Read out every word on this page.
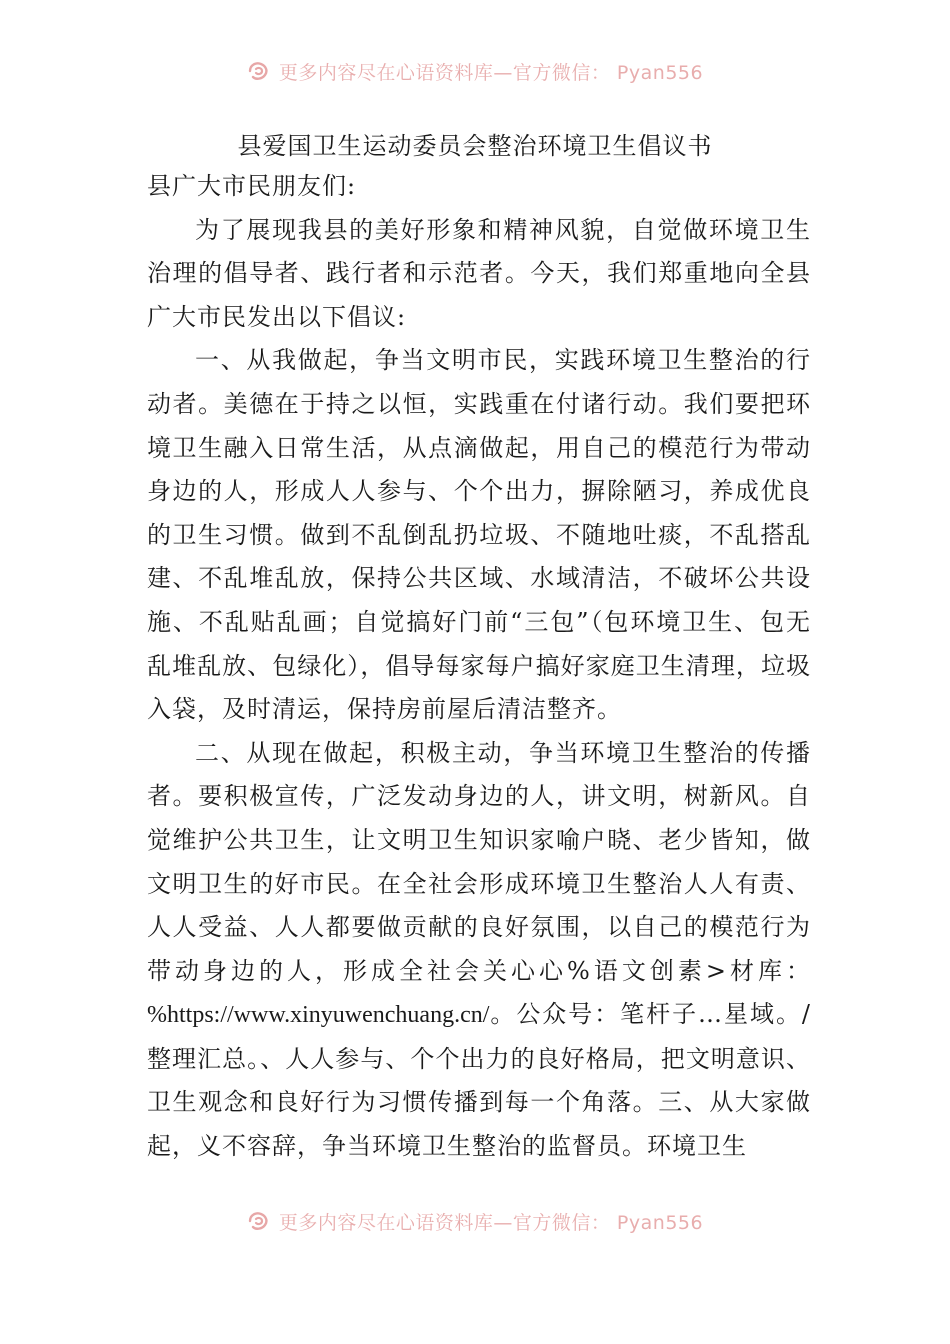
更多内容尽在心语资料库—官方微信： Pyan556
县爱国卫生运动委员会整治环境卫生倡议书

县广大市民朋友们:

为了展现我县的美好形象和精神风貌，自觉做环境卫生治理的倡导者、践行者和示范者。今天，我们郑重地向全县广大市民发出以下倡议:

一、从我做起，争当文明市民，实践环境卫生整治的行动者。美德在于持之以恒，实践重在付诸行动。我们要把环境卫生融入日常生活，从点滴做起，用自己的模范行为带动身边的人，形成人人参与、个个出力，摒除陋习，养成优良的卫生习惯。做到不乱倒乱扔垃圾、不随地吐痰，不乱搭乱建、不乱堆乱放，保持公共区域、水域清洁，不破坏公共设施、不乱贴乱画；自觉搞好门前“三包”（包环境卫生、包无乱堆乱放、包绿化），倡导每家每户搞好家庭卫生清理，垃圾入袋，及时清运，保持房前屋后清洁整齐。

二、从现在做起，积极主动，争当环境卫生整治的传播者。要积极宣传，广泛发动身边的人，讲文明，树新风。自觉维护公共卫生，让文明卫生知识家喻户晓、老少皆知，做文明卫生的好市民。在全社会形成环境卫生整治人人有责、人人受益、人人都要做贡献的良好氛围，以自己的模范行为带动身边的人，形成全社会关心心%语文创素>材库：%https://www.xinyuwenchuang.cn/。公众号：笔杆子…星域。/整理汇总。、人人参与、个个出力的良好格局，把文明意识、卫生观念和良好行为习惯传播到每一个角落。三、从大家做起，义不容辞，争当环境卫生整治的监督员。环境卫生

更多内容尽在心语资料库—官方微信： Pyan556
